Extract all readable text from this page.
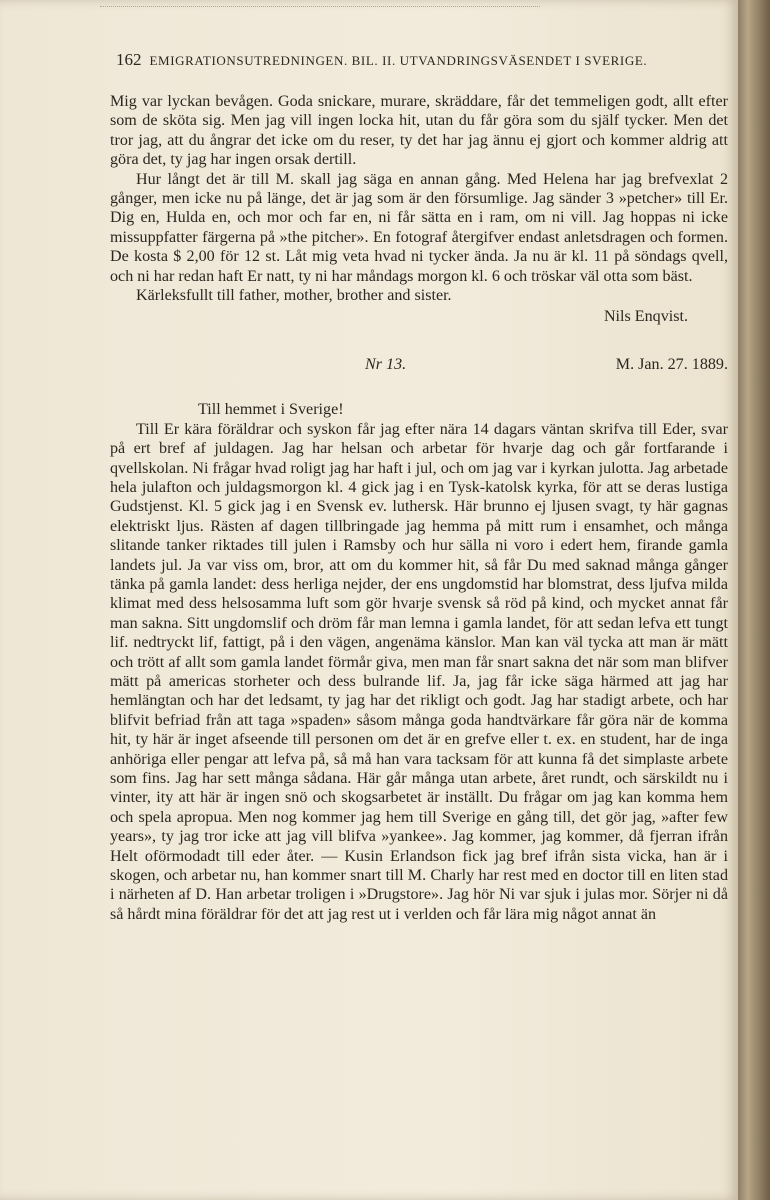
162 EMIGRATIONSUTREDNINGEN. BIL. II. UTVANDRINGSVÄSENDET I SVERIGE.

Mig var lyckan bevågen. Goda snickare, murare, skräddare, får det temmeligen godt, allt efter som de sköta sig. Men jag vill ingen locka hit, utan du får göra som du själf tycker. Men det tror jag, att du ångrar det icke om du reser, ty det har jag ännu ej gjort och kommer aldrig att göra det, ty jag har ingen orsak dertill.

Hur långt det är till M. skall jag säga en annan gång. Med Helena har jag brefvexlat 2 gånger, men icke nu på länge, det är jag som är den försumlige. Jag sänder 3 »petcher» till Er. Dig en, Hulda en, och mor och far en, ni får sätta en i ram, om ni vill. Jag hoppas ni icke missuppfatter färgerna på »the pitcher». En fotograf återgifver endast anletsdragen och formen. De kosta $ 2,00 för 12 st. Låt mig veta hvad ni tycker ända. Ja nu är kl. 11 på söndags qvell, och ni har redan haft Er natt, ty ni har måndags morgon kl. 6 och tröskar väl otta som bäst.

Kärleksfullt till father, mother, brother and sister.

Nils Enqvist.

Nr 13.	M. Jan. 27. 1889.

Till hemmet i Sverige!

Till Er kära föräldrar och syskon får jag efter nära 14 dagars väntan skrifva till Eder, svar på ert bref af juldagen. Jag har helsan och arbetar för hvarje dag och går fortfarande i qvellskolan. Ni frågar hvad roligt jag har haft i jul, och om jag var i kyrkan julotta. Jag arbetade hela julafton och juldagsmorgon kl. 4 gick jag i en Tysk-katolsk kyrka, för att se deras lustiga Gudstjenst. Kl. 5 gick jag i en Svensk ev. luthersk. Här brunno ej ljusen svagt, ty här gagnas elektriskt ljus. Rästen af dagen tillbringade jag hemma på mitt rum i ensamhet, och många slitande tanker riktades till julen i Ramsby och hur sälla ni voro i edert hem, firande gamla landets jul. Ja var viss om, bror, att om du kommer hit, så får Du med saknad många gånger tänka på gamla landet: dess herliga nejder, der ens ungdomstid har blomstrat, dess ljufva milda klimat med dess helsosamma luft som gör hvarje svensk så röd på kind, och mycket annat får man sakna. Sitt ungdomslif och dröm får man lemna i gamla landet, för att sedan lefva ett tungt lif. nedtryckt lif, fattigt, på i den vägen, angenäma känslor. Man kan väl tycka att man är mätt och trött af allt som gamla landet förmår giva, men man får snart sakna det när som man blifver mätt på americas storheter och dess bulrande lif. Ja, jag får icke säga härmed att jag har hemlängtan och har det ledsamt, ty jag har det rikligt och godt. Jag har stadigt arbete, och har blifvit befriad från att taga »spaden» såsom många goda handtvärkare får göra när de komma hit, ty här är inget afseende till personen om det är en grefve eller t. ex. en student, har de inga anhöriga eller pengar att lefva på, så må han vara tacksam för att kunna få det simplaste arbete som fins. Jag har sett många sådana. Här går många utan arbete, året rundt, och särskildt nu i vinter, ity att här är ingen snö och skogsarbetet är inställt. Du frågar om jag kan komma hem och spela apropua. Men nog kommer jag hem till Sverige en gång till, det gör jag, »after few years», ty jag tror icke att jag vill blifva »yankee». Jag kommer, jag kommer, då fjerran ifrån Helt oförmodadt till eder åter. — Kusin Erlandson fick jag bref ifrån sista vicka, han är i skogen, och arbetar nu, han kommer snart till M. Charly har rest med en doctor till en liten stad i närheten af D. Han arbetar troligen i »Drugstore». Jag hör Ni var sjuk i julas mor. Sörjer ni då så hårdt mina föräldrar för det att jag rest ut i verlden och får lära mig något annat än
